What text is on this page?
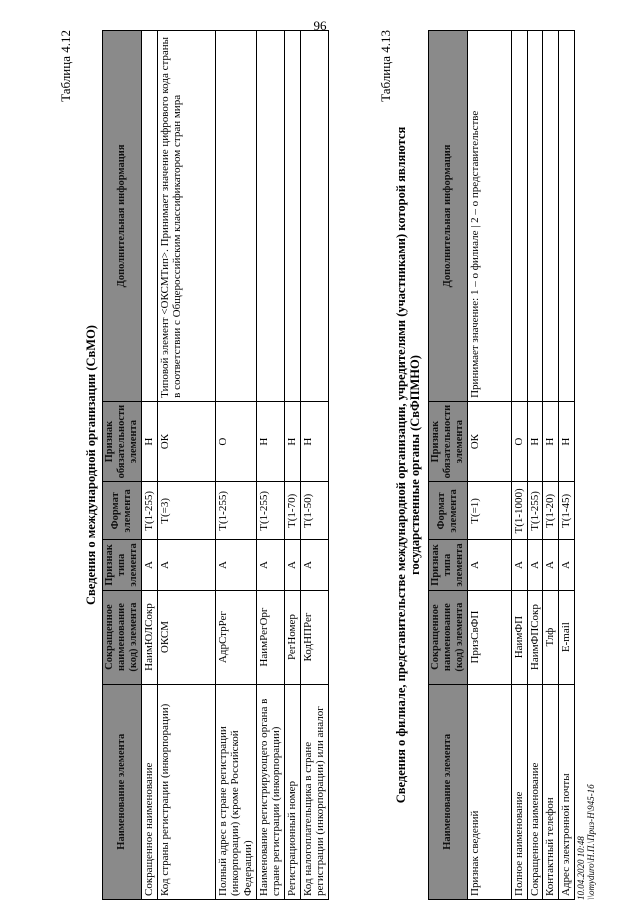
96
Таблица 4.12
Сведения о международной организации (СвМО)
Наименование элемента	Сокращенное наименование (код) элемента	Признак типа элемента	Формат элемента	Признак обязательности элемента	Дополнительная информация
Сокращенное наименование	НаимЮЛСокр	А	T(1-255)	Н	
Код страны регистрации (инкорпорации)	ОКСМ	А	T(=3)	ОК	Типовой элемент <ОКСМТип>. Принимает значение цифрового кода страны в соответствии с Общероссийским классификатором стран мира
Полный адрес в стране регистрации (инкорпорации) (кроме Российской Федерации)	АдрСтрРег	А	T(1-255)	О	
Наименование регистрирующего органа в стране регистрации (инкорпорации)	НаимРегОрг	А	T(1-255)	Н	
Регистрационный номер	РегНомер	А	T(1-70)	Н	
Код налогоплательщика в стране регистрации (инкорпорации) или аналог	КодНПРег	А	T(1-50)	Н	
Таблица 4.13
Сведения о филиале, представительстве международной организации, учредителями (участниками) которой являются государственные органы (СвФПМНО)
Наименование элемента	Сокращенное наименование (код) элемента	Признак типа элемента	Формат элемента	Признак обязательности элемента	Дополнительная информация
Признак сведений	ПризСвФП	А	T(=1)	ОК	Принимает значение: 1 – о филиале | 2 – о представительстве
Полное наименование	НаимФП	А	T(1-1000)	О	
Сокращенное наименование	НаимФПСокр	А	T(1-255)	Н	
Контактный телефон	Тлф	А	T(1-20)	Н	
Адрес электронной почты	E-mail	А	T(1-45)	Н	
10.04.2020 10:48 \\omyduro\Н.П.\Приз-Н\945-1б
